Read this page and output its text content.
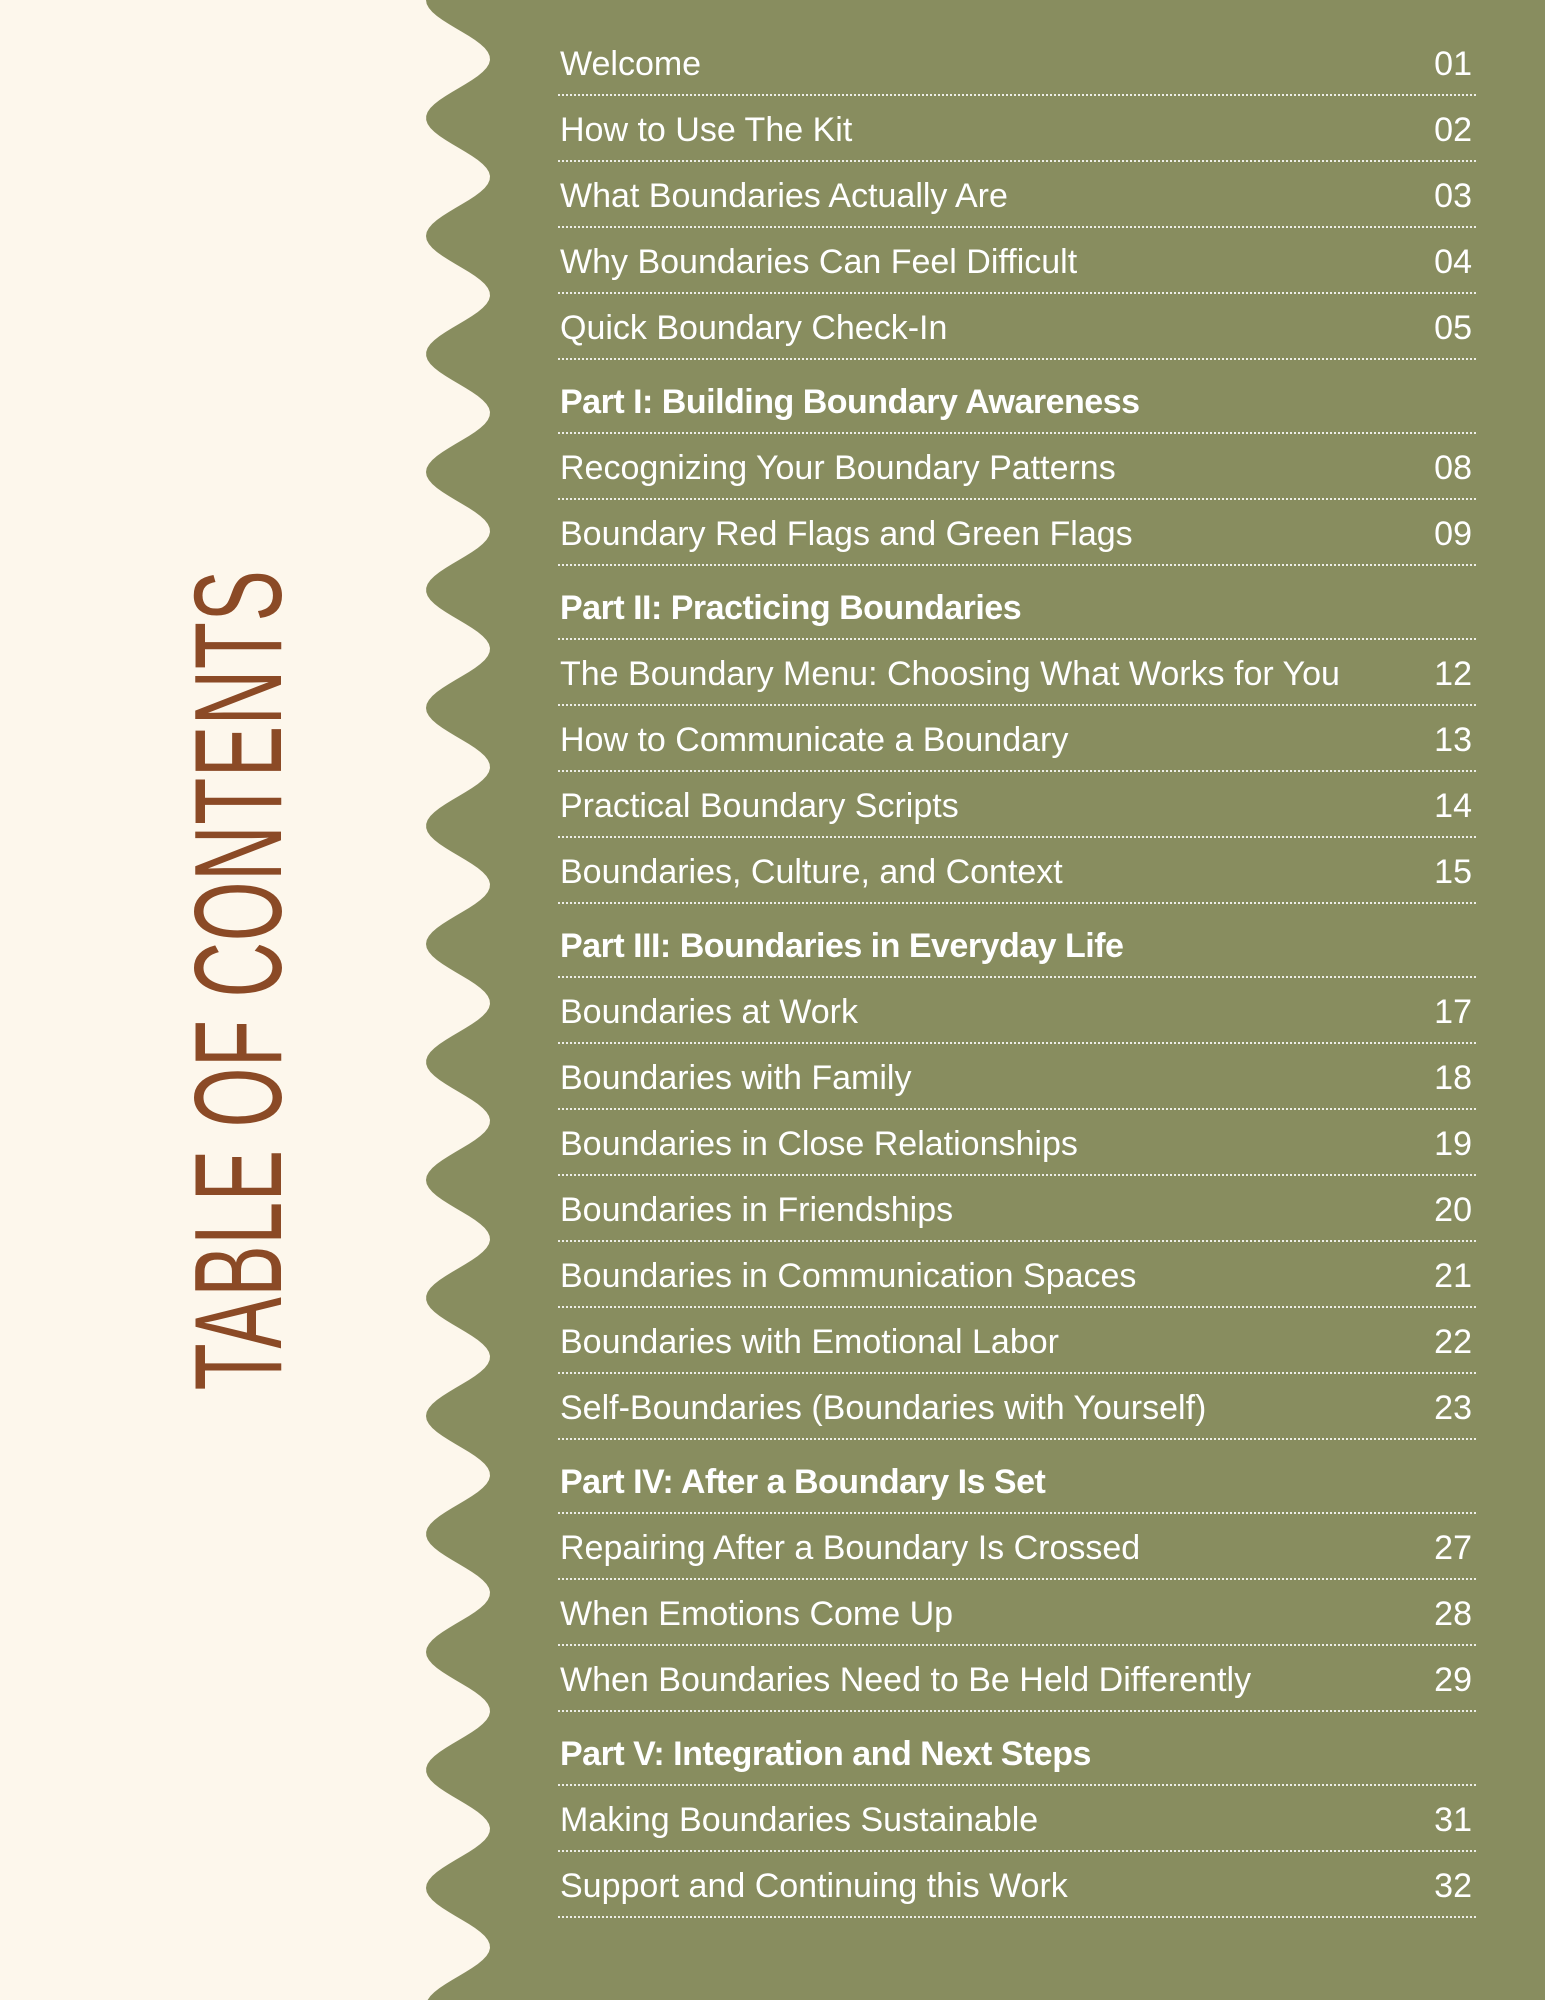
TABLE OF CONTENTS
Welcome	01
How to Use The Kit	02
What Boundaries Actually Are	03
Why Boundaries Can Feel Difficult	04
Quick Boundary Check-In	05
Part I: Building Boundary Awareness
Recognizing Your Boundary Patterns	08
Boundary Red Flags and Green Flags	09
Part II: Practicing Boundaries
The Boundary Menu: Choosing What Works for You	12
How to Communicate a Boundary	13
Practical Boundary Scripts	14
Boundaries, Culture, and Context	15
Part III: Boundaries in Everyday Life
Boundaries at Work	17
Boundaries with Family	18
Boundaries in Close Relationships	19
Boundaries in Friendships	20
Boundaries in Communication Spaces	21
Boundaries with Emotional Labor	22
Self-Boundaries (Boundaries with Yourself)	23
Part IV: After a Boundary Is Set
Repairing After a Boundary Is Crossed	27
When Emotions Come Up	28
When Boundaries Need to Be Held Differently	29
Part V: Integration and Next Steps
Making Boundaries Sustainable	31
Support and Continuing this Work	32
